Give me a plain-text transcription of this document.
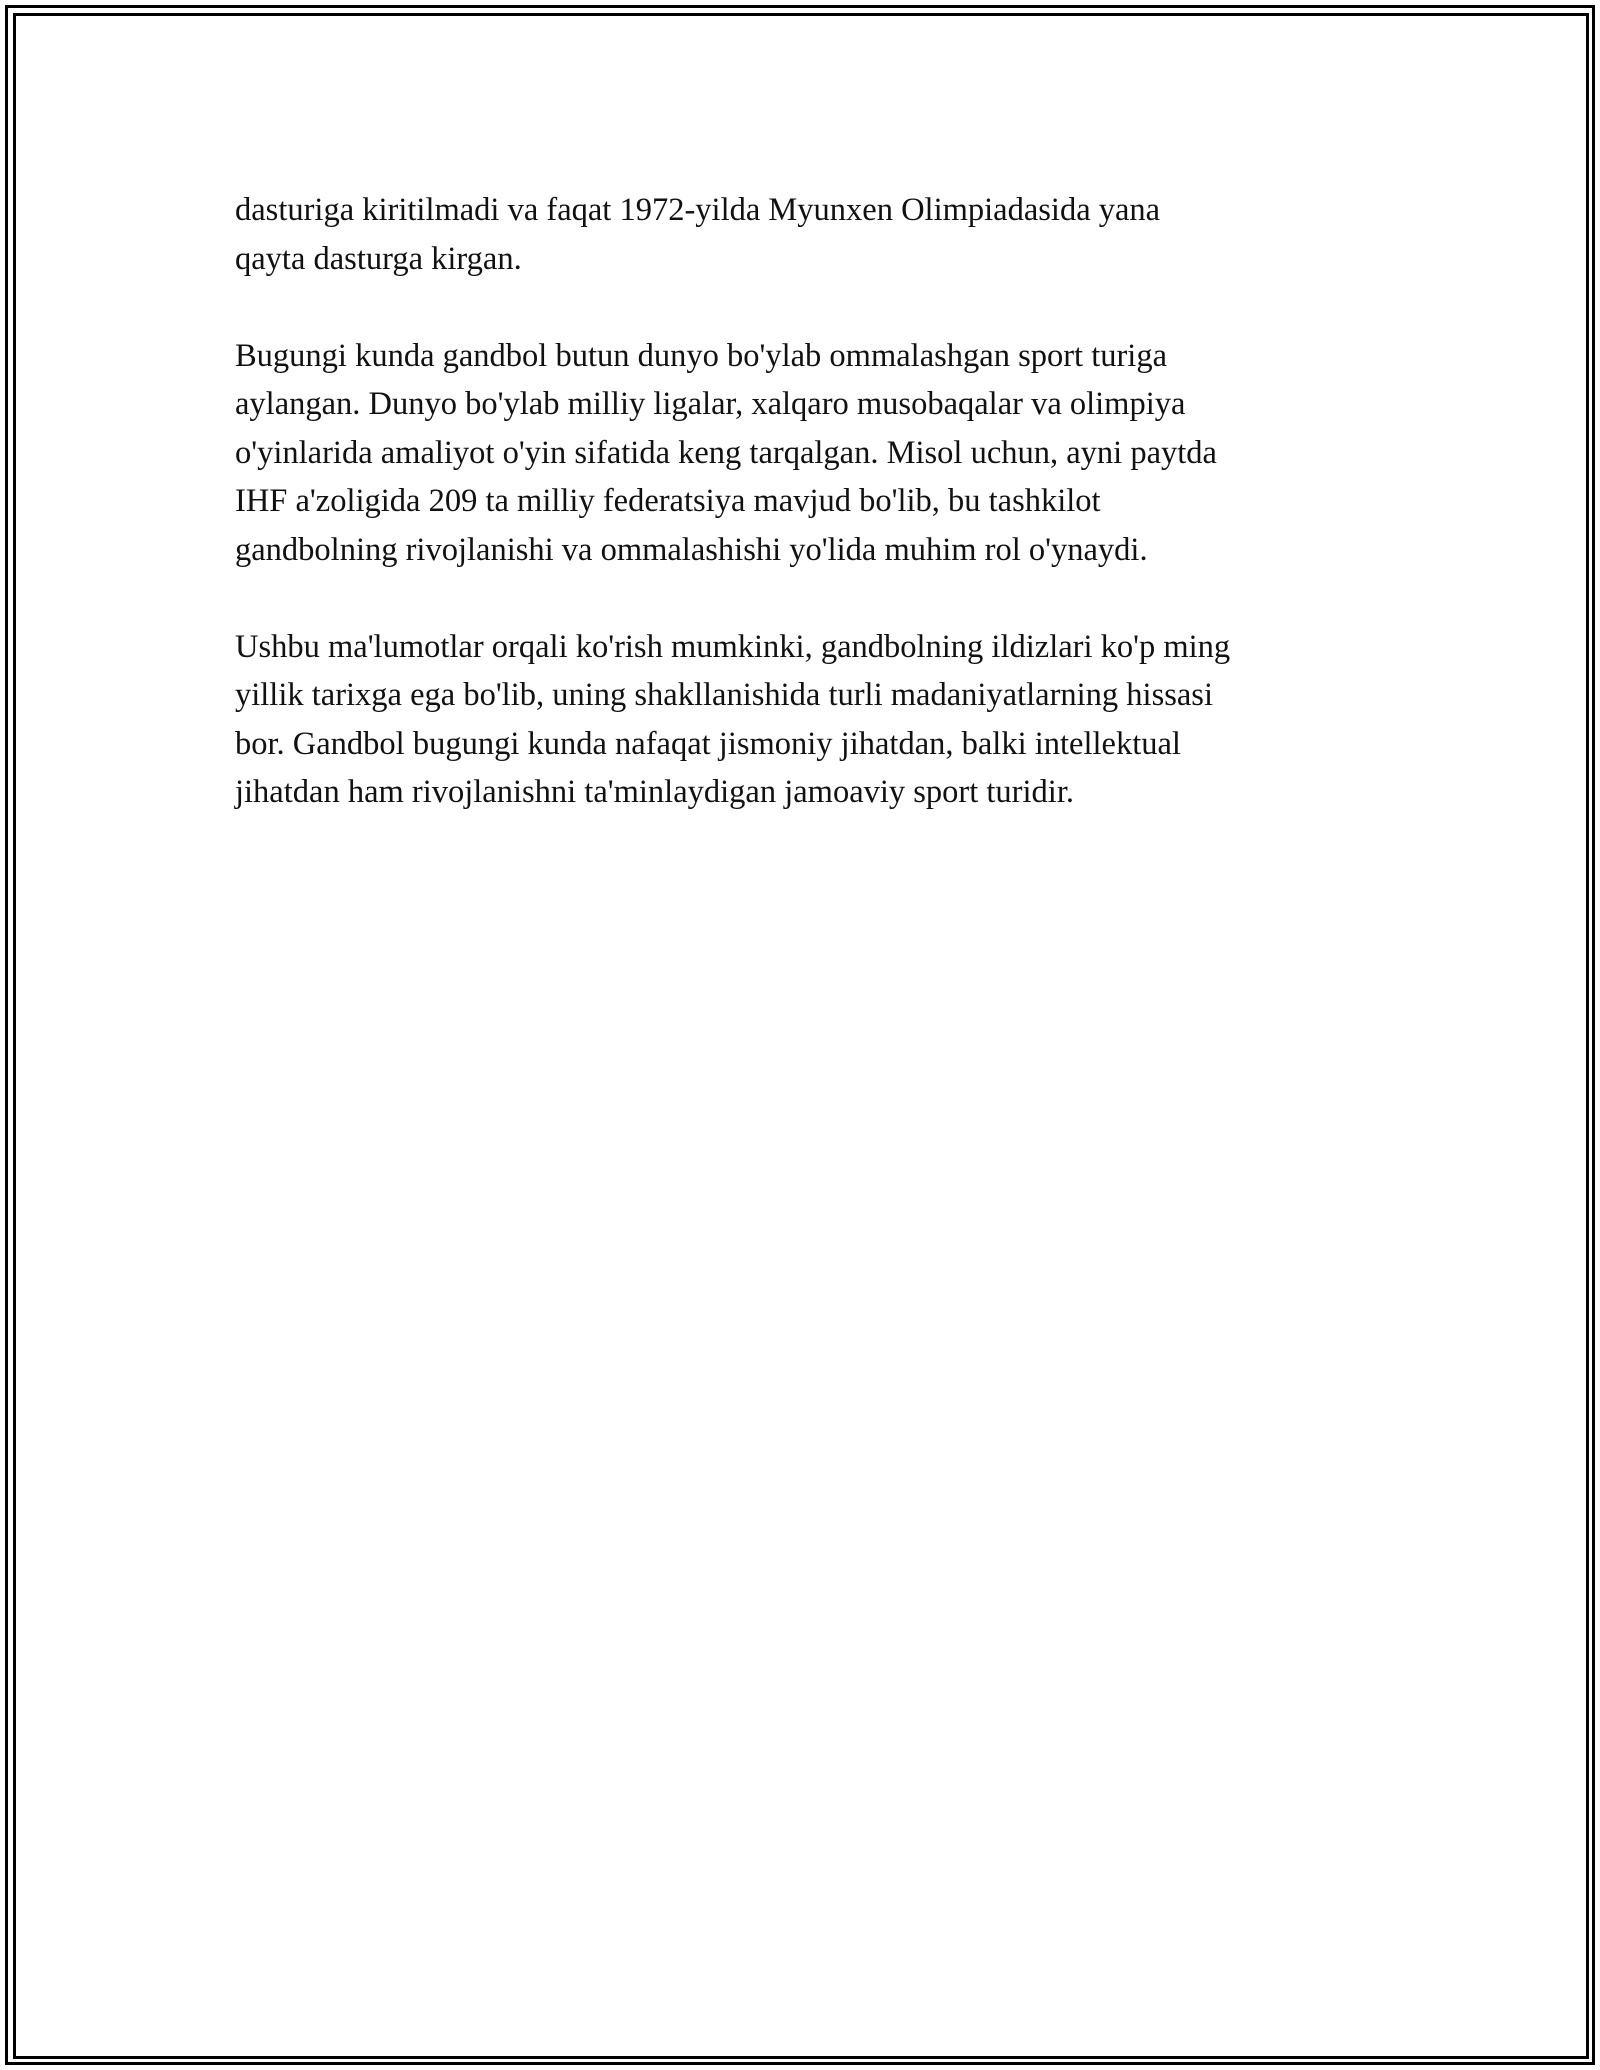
dasturiga kiritilmadi va faqat 1972-yilda Myunxen Olimpiadasida yana
qayta dasturga kirgan.

Bugungi kunda gandbol butun dunyo bo'ylab ommalashgan sport turiga
aylangan. Dunyo bo'ylab milliy ligalar, xalqaro musobaqalar va olimpiya
o'yinlarida amaliyot o'yin sifatida keng tarqalgan. Misol uchun, ayni paytda
IHF a'zoligida 209 ta milliy federatsiya mavjud bo'lib, bu tashkilot
gandbolning rivojlanishi va ommalashishi yo'lida muhim rol o'ynaydi.

Ushbu ma'lumotlar orqali ko'rish mumkinki, gandbolning ildizlari ko'p ming
yillik tarixga ega bo'lib, uning shakllanishida turli madaniyatlarning hissasi
bor. Gandbol bugungi kunda nafaqat jismoniy jihatdan, balki intellektual
jihatdan ham rivojlanishni ta'minlaydigan jamoaviy sport turidir.
